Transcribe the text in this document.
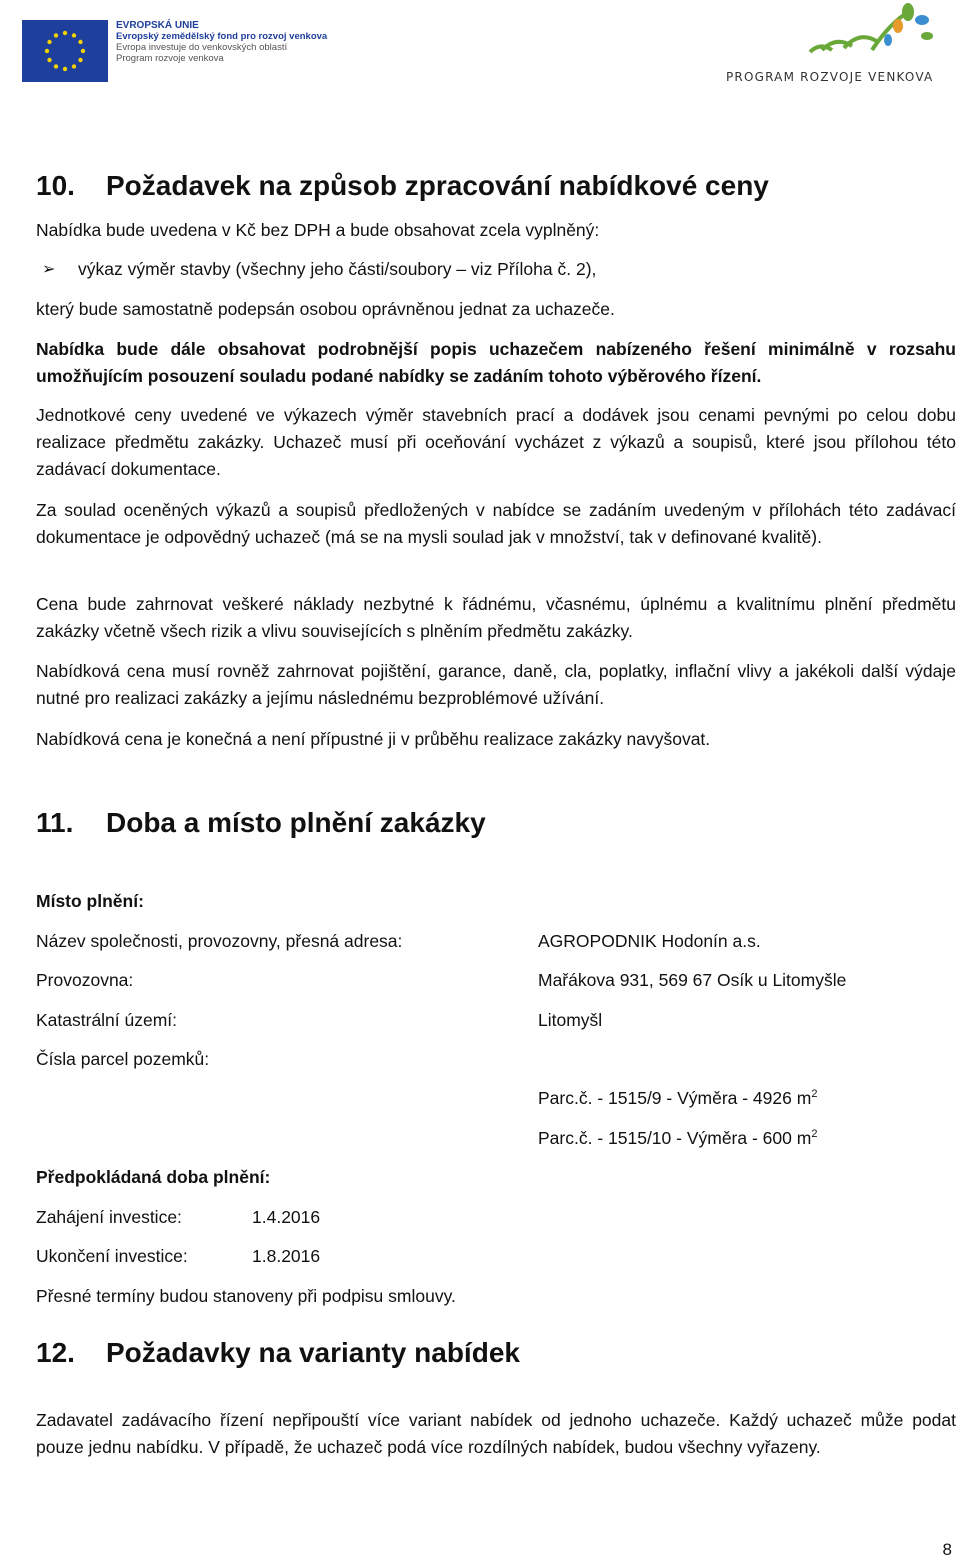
EVROPSKÁ UNIE
Evropský zemědělský fond pro rozvoj venkova
Evropa investuje do venkovských oblastí
Program rozvoje venkova
PROGRAM ROZVOJE VENKOVA
10.	Požadavek na způsob zpracování nabídkové ceny

Nabídka bude uvedena v Kč bez DPH a bude obsahovat zcela vyplněný:

➢	výkaz výměr stavby (všechny jeho části/soubory – viz Příloha č. 2),

který bude samostatně podepsán osobou oprávněnou jednat za uchazeče.

Nabídka bude dále obsahovat podrobnější popis uchazečem nabízeného řešení minimálně v rozsahu umožňujícím posouzení souladu podané nabídky se zadáním tohoto výběrového řízení.

Jednotkové ceny uvedené ve výkazech výměr stavebních prací a dodávek jsou cenami pevnými po celou dobu realizace předmětu zakázky. Uchazeč musí při oceňování vycházet z výkazů a soupisů, které jsou přílohou této zadávací dokumentace.

Za soulad oceněných výkazů a soupisů předložených v nabídce se zadáním uvedeným v přílohách této zadávací dokumentace je odpovědný uchazeč (má se na mysli soulad jak v množství, tak v definované kvalitě).

Cena bude zahrnovat veškeré náklady nezbytné k řádnému, včasnému, úplnému a kvalitnímu plnění předmětu zakázky včetně všech rizik a vlivu souvisejících s plněním předmětu zakázky.

Nabídková cena musí rovněž zahrnovat pojištění, garance, daně, cla, poplatky, inflační vlivy a jakékoli další výdaje nutné pro realizaci zakázky a jejímu následnému bezproblémové užívání.

Nabídková cena je konečná a není přípustné ji v průběhu realizace zakázky navyšovat.

11.	Doba a místo plnění zakázky
Místo plnění:
Název společnosti, provozovny, přesná adresa:	AGROPODNIK Hodonín a.s.
Provozovna:	Mařákova 931, 569 67 Osík u Litomyšle
Katastrální území:	Litomyšl
Čísla parcel pozemků:
Parc.č. - 1515/9 - Výměra - 4926 $m^2$
Parc.č. - 1515/10 - Výměra - 600 $m^2$
Předpokládaná doba plnění:
Zahájení investice:	1.4.2016
Ukončení investice:	1.8.2016
Přesné termíny budou stanoveny při podpisu smlouvy.
12.	Požadavky na varianty nabídek

Zadavatel zadávacího řízení nepřipouští více variant nabídek od jednoho uchazeče. Každý uchazeč může podat pouze jednu nabídku. V případě, že uchazeč podá více rozdílných nabídek, budou všechny vyřazeny.

8
